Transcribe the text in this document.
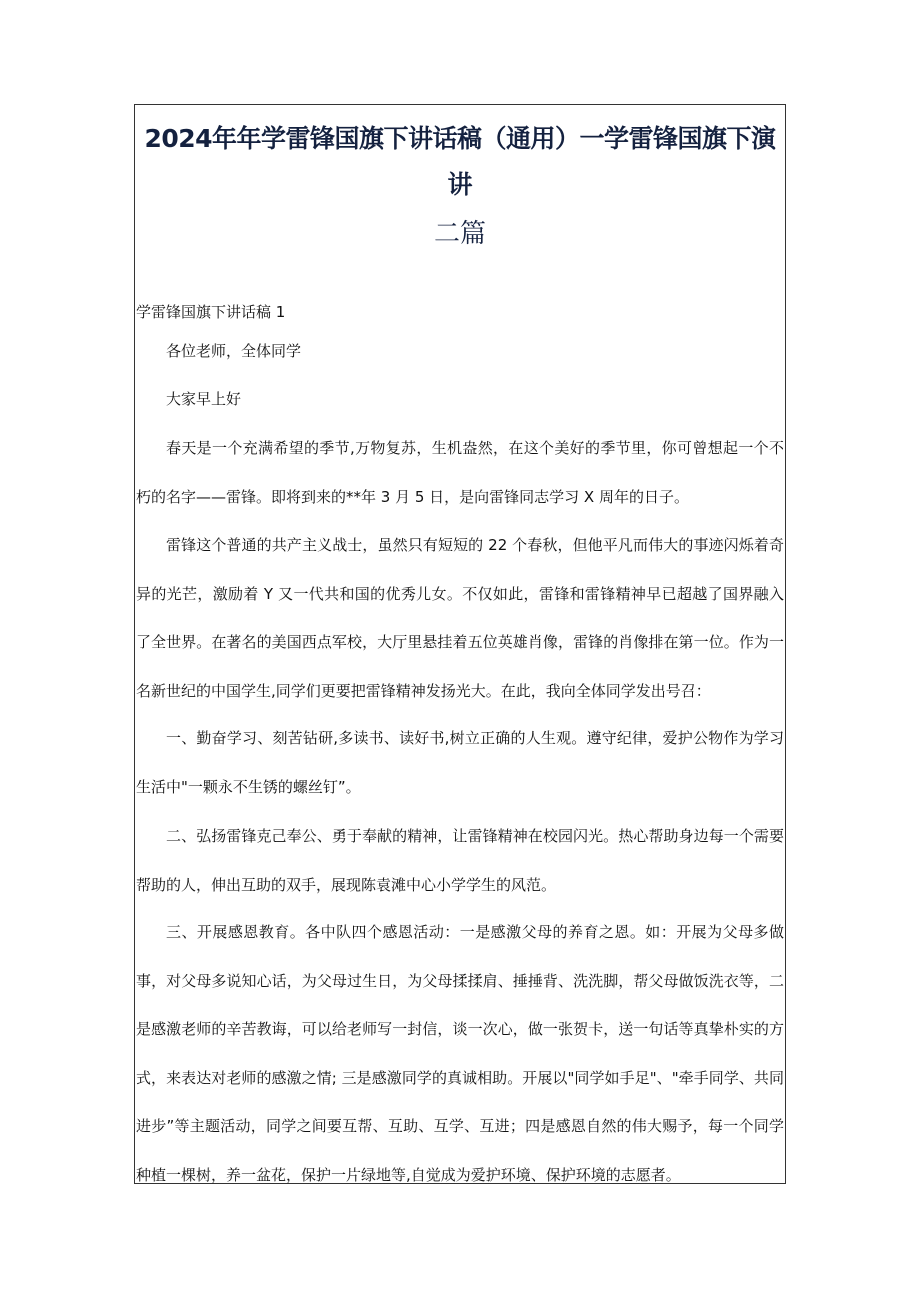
2024年年学雷锋国旗下讲话稿（通用）一学雷锋国旗下演
讲
二篇

学雷锋国旗下讲话稿 1

各位老师，全体同学

大家早上好

春天是一个充满希望的季节,万物复苏，生机盎然，在这个美好的季节里，你可曾想起一个不朽的名字——雷锋。即将到来的**年 3 月 5 日，是向雷锋同志学习 X 周年的日子。

雷锋这个普通的共产主义战士，虽然只有短短的 22 个春秋，但他平凡而伟大的事迹闪烁着奇异的光芒，激励着 Y 又一代共和国的优秀儿女。不仅如此，雷锋和雷锋精神早已超越了国界融入了全世界。在著名的美国西点军校，大厅里悬挂着五位英雄肖像，雷锋的肖像排在第一位。作为一名新世纪的中国学生,同学们更要把雷锋精神发扬光大。在此，我向全体同学发出号召：

一、勤奋学习、刻苦钻研,多读书、读好书,树立正确的人生观。遵守纪律，爱护公物作为学习生活中"一颗永不生锈的螺丝钉”。

二、弘扬雷锋克己奉公、勇于奉献的精神，让雷锋精神在校园闪光。热心帮助身边每一个需要帮助的人，伸出互助的双手，展现陈袁滩中心小学学生的风范。

三、开展感恩教育。各中队四个感恩活动：一是感激父母的养育之恩。如：开展为父母多做事，对父母多说知心话，为父母过生日，为父母揉揉肩、捶捶背、洗洗脚，帮父母做饭洗衣等，二是感激老师的辛苦教诲，可以给老师写一封信，谈一次心，做一张贺卡，送一句话等真挚朴实的方式，来表达对老师的感激之情; 三是感激同学的真诚相助。开展以"同学如手足"、"牵手同学、共同进步”等主题活动，同学之间要互帮、互助、互学、互进；四是感恩自然的伟大赐予，每一个同学种植一棵树，养一盆花，保护一片绿地等,自觉成为爱护环境、保护环境的志愿者。
